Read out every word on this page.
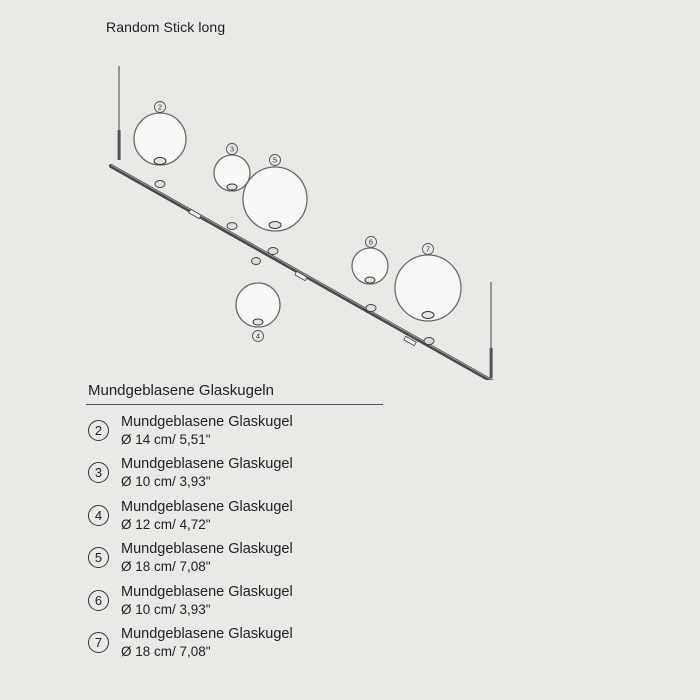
Random Stick long
2
3
5
6
7
4
Mundgeblasene Glaskugeln
2
Mundgeblasene Glaskugel
Ø 14 cm/ 5,51"
3
Mundgeblasene Glaskugel
Ø 10 cm/ 3,93"
4
Mundgeblasene Glaskugel
Ø 12 cm/ 4,72"
5
Mundgeblasene Glaskugel
Ø 18 cm/ 7,08"
6
Mundgeblasene Glaskugel
Ø 10 cm/ 3,93"
7
Mundgeblasene Glaskugel
Ø 18 cm/ 7,08"
